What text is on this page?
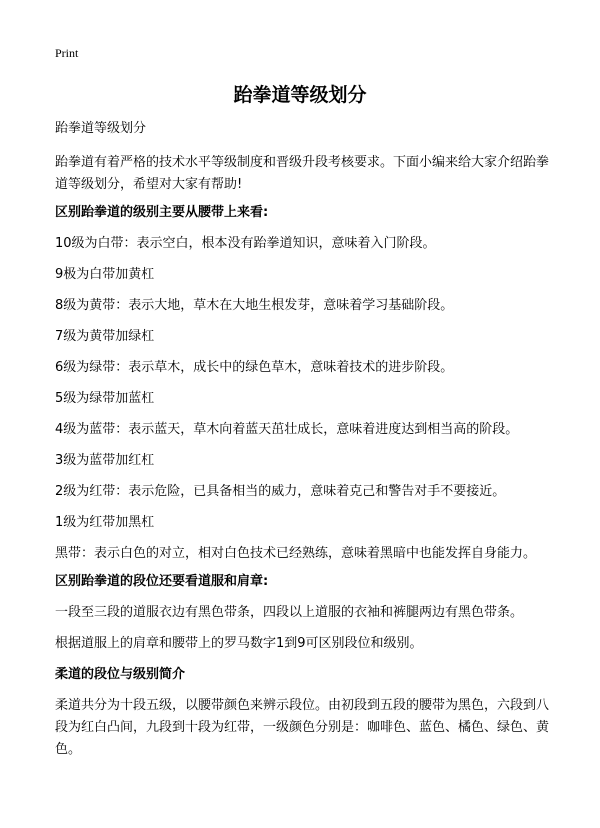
Print
跆拳道等级划分

跆拳道等级划分

跆拳道有着严格的技术水平等级制度和晋级升段考核要求。下面小编来给大家介绍跆拳道等级划分，希望对大家有帮助!

区别跆拳道的级别主要从腰带上来看:

10级为白带：表示空白，根本没有跆拳道知识，意味着入门阶段。

9极为白带加黄杠

8级为黄带：表示大地，草木在大地生根发芽，意味着学习基础阶段。

7级为黄带加绿杠

6级为绿带：表示草木，成长中的绿色草木，意味着技术的进步阶段。

5级为绿带加蓝杠

4级为蓝带：表示蓝天，草木向着蓝天茁壮成长，意味着进度达到相当高的阶段。

3级为蓝带加红杠

2级为红带：表示危险，已具备相当的威力，意味着克己和警告对手不要接近。

1级为红带加黑杠

黑带：表示白色的对立，相对白色技术已经熟练，意味着黑暗中也能发挥自身能力。

区别跆拳道的段位还要看道服和肩章:

一段至三段的道服衣边有黑色带条，四段以上道服的衣袖和裤腿两边有黑色带条。

根据道服上的肩章和腰带上的罗马数字1到9可区别段位和级别。

柔道的段位与级别简介

柔道共分为十段五级，以腰带颜色来辨示段位。由初段到五段的腰带为黑色，六段到八段为红白凸间，九段到十段为红带，一级颜色分别是：咖啡色、蓝色、橘色、绿色、黄色。
